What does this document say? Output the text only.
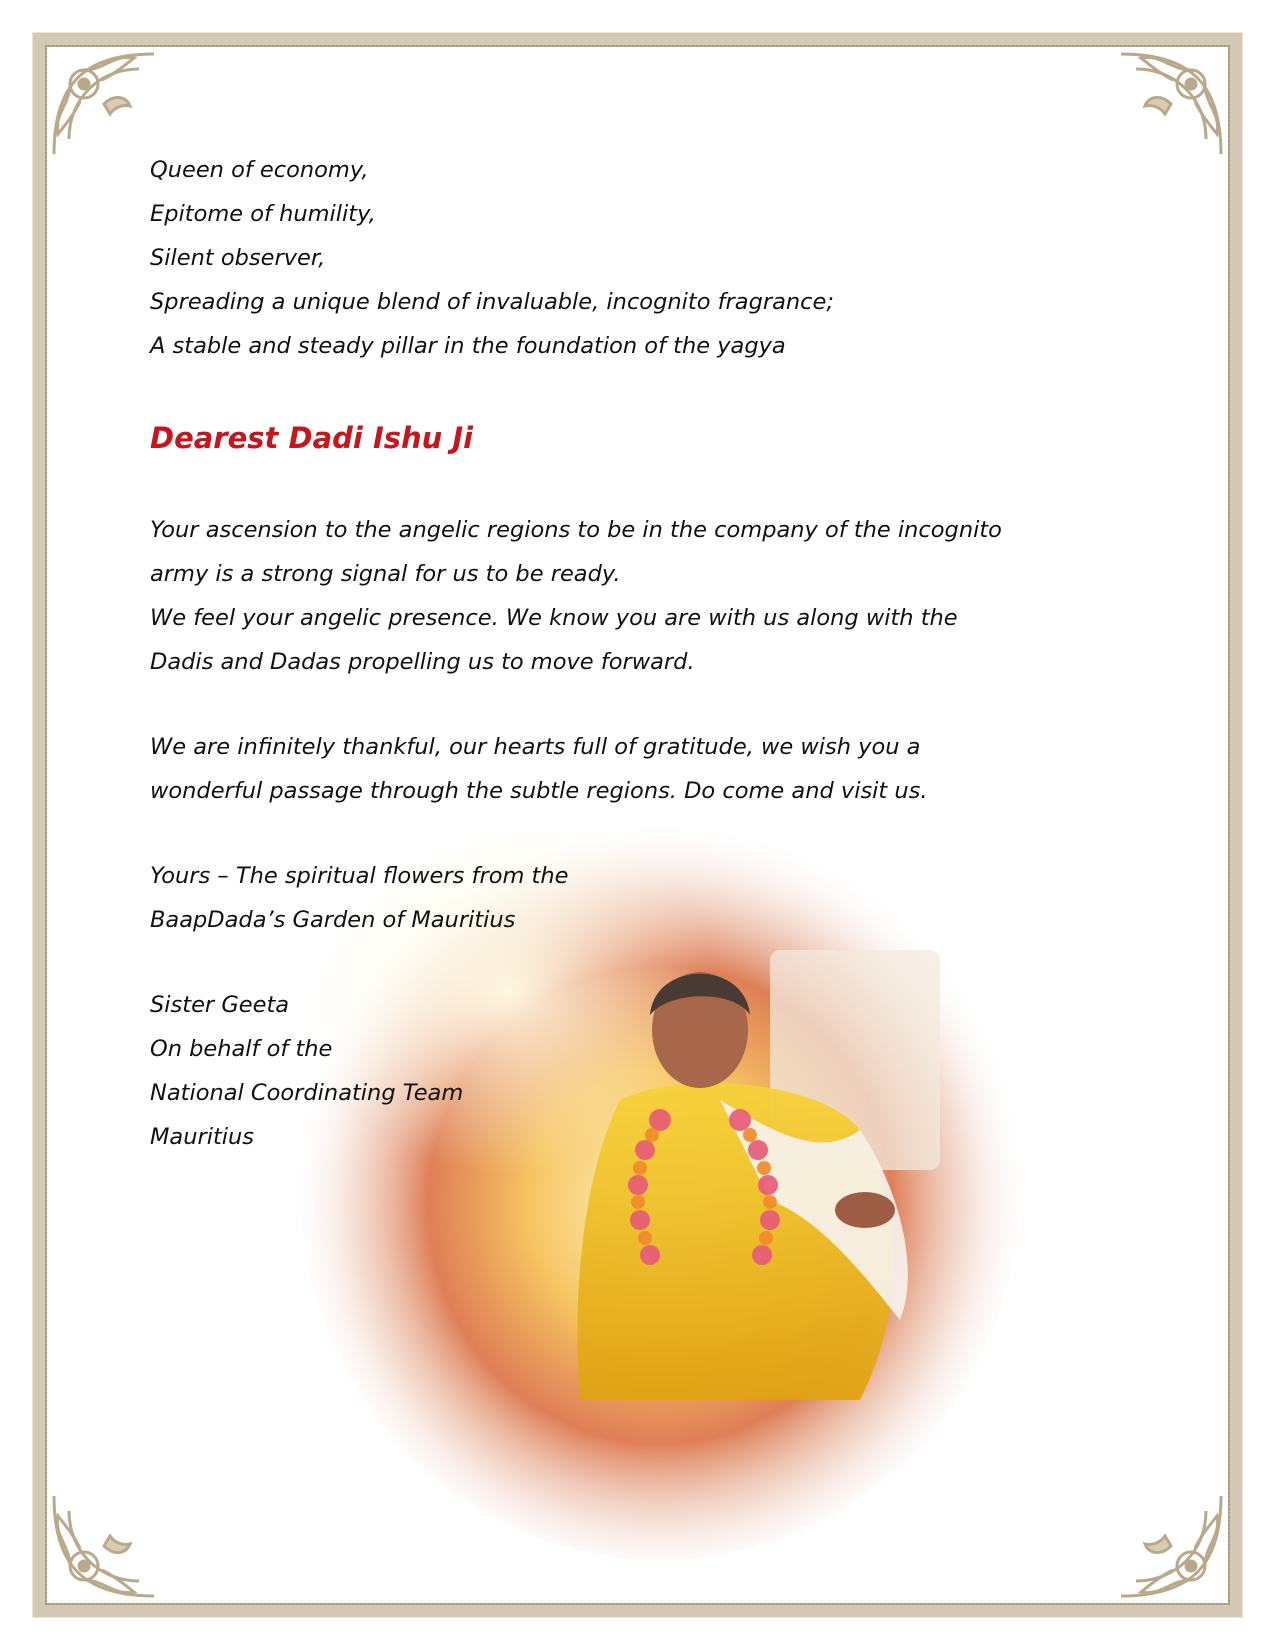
Queen of economy,
Epitome of humility,
Silent observer,
Spreading a unique blend of invaluable, incognito fragrance;
A stable and steady pillar in the foundation of the yagya
Dearest Dadi Ishu Ji
Your ascension to the angelic regions to be in the company of the incognito
army is a strong signal for us to be ready.
We feel your angelic presence. We know you are with us along with the
Dadis and Dadas propelling us to move forward.
We are infinitely thankful, our hearts full of gratitude, we wish you a
wonderful passage through the subtle regions. Do come and visit us.
Yours – The spiritual flowers from the
BaapDada’s Garden of Mauritius
Sister Geeta
On behalf of the
National Coordinating Team
Mauritius
